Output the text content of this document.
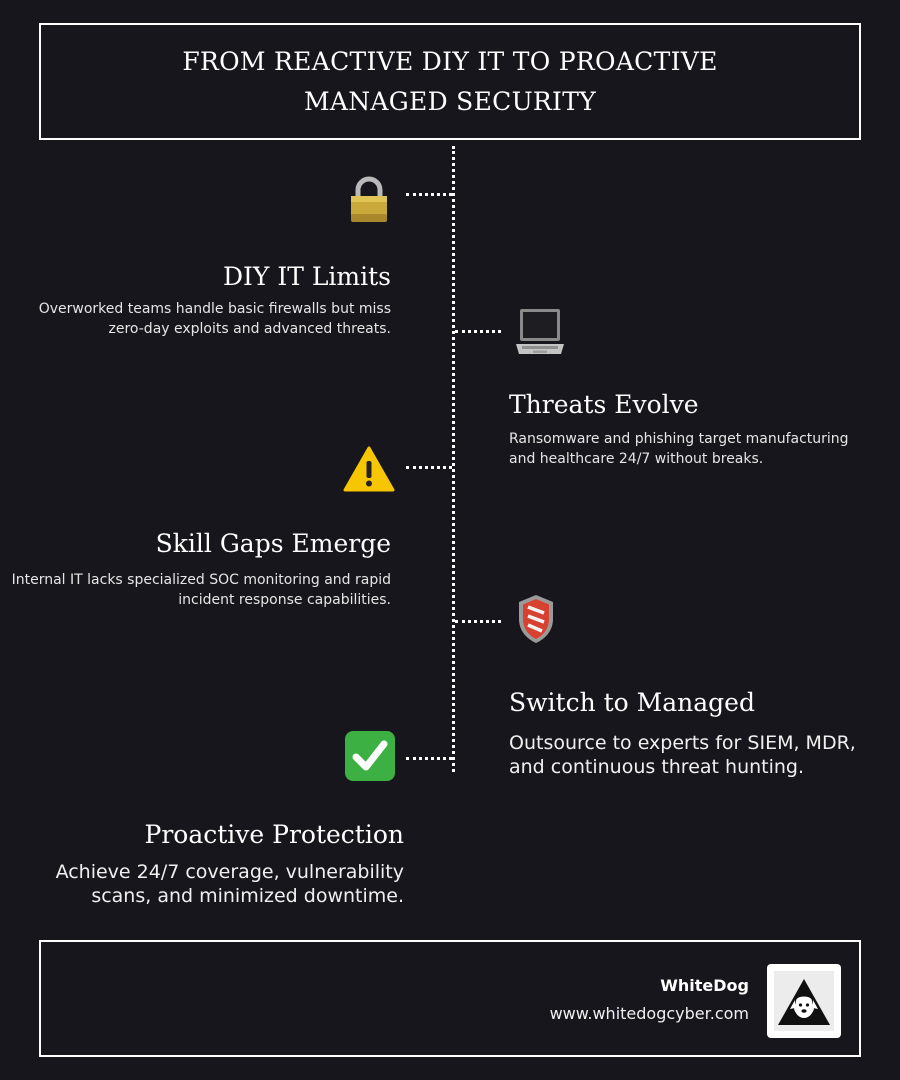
FROM REACTIVE DIY IT TO PROACTIVE MANAGED SECURITY
DIY IT Limits

Overworked teams handle basic firewalls but miss zero-day exploits and advanced threats.

Threats Evolve

Ransomware and phishing target manufacturing and healthcare 24/7 without breaks.

Skill Gaps Emerge

Internal IT lacks specialized SOC monitoring and rapid incident response capabilities.

Switch to Managed

Outsource to experts for SIEM, MDR, and continuous threat hunting.

Proactive Protection

Achieve 24/7 coverage, vulnerability scans, and minimized downtime.

WhiteDog
www.whitedogcyber.com
